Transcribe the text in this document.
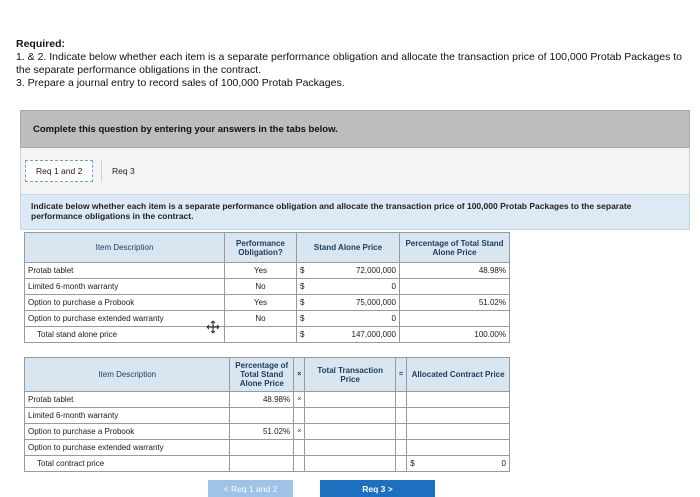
Required:
1. & 2. Indicate below whether each item is a separate performance obligation and allocate the transaction price of 100,000 Protab Packages to the separate performance obligations in the contract.
3. Prepare a journal entry to record sales of 100,000 Protab Packages.
Complete this question by entering your answers in the tabs below.
Req 1 and 2	Req 3
Indicate below whether each item is a separate performance obligation and allocate the transaction price of 100,000 Protab Packages to the separate performance obligations in the contract.
Item Description	Performance Obligation?	Stand Alone Price		Percentage of Total Stand Alone Price
Protab tablet	Yes	$	72,000,000	48.98%
Limited 6-month warranty	No	$	0	
Option to purchase a Probook	Yes	$	75,000,000	51.02%
Option to purchase extended warranty	No	$	0	
Total stand alone price		$	147,000,000	100.00%
Item Description	Percentage of Total Stand Alone Price	×	Total Transaction Price	=	Allocated Contract Price
Protab tablet	48.98%	×			
Limited 6-month warranty					
Option to purchase a Probook	51.02%	×			
Option to purchase extended warranty					
Total contract price					$ 0
< Req 1 and 2	Req 3 >
